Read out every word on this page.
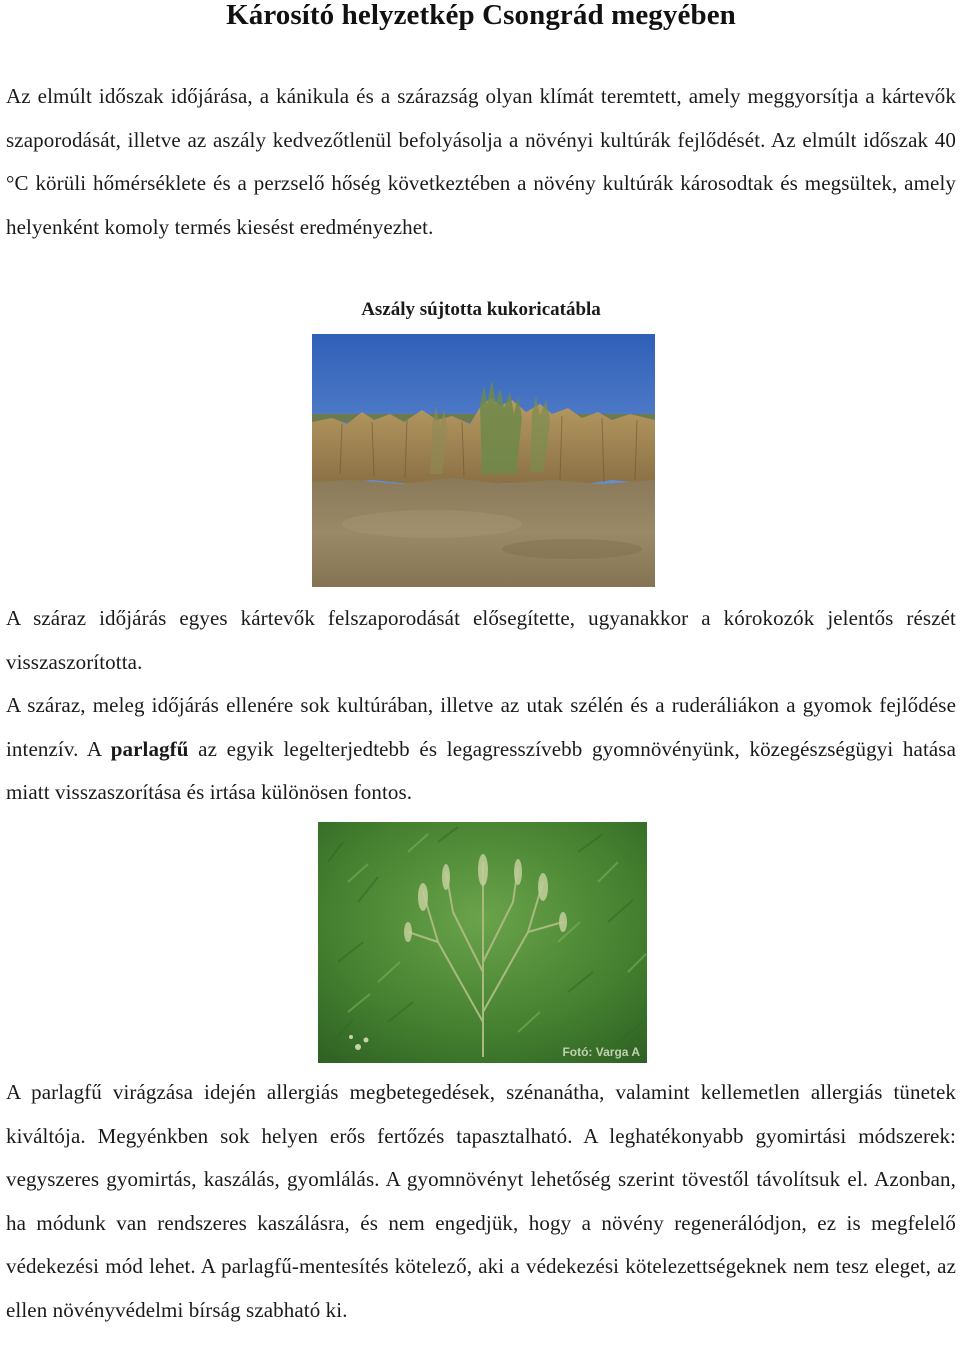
Károsító helyzetkép Csongrád megyében

Az elmúlt időszak időjárása, a kánikula és a szárazság olyan klímát teremtett, amely meggyorsítja a kártevők szaporodását, illetve az aszály kedvezőtlenül befolyásolja a növényi kultúrák fejlődését. Az elmúlt időszak 40 °C körüli hőmérséklete és a perzselő hőség következtében a növény kultúrák károsodtak és megsültek, amely helyenként komoly termés kiesést eredményezhet.

Aszály sújtotta kukoricatábla

A száraz időjárás egyes kártevők felszaporodását elősegítette, ugyanakkor a kórokozók jelentős részét visszaszorította.

A száraz, meleg időjárás ellenére sok kultúrában, illetve az utak szélén és a ruderáliákon a gyomok fejlődése intenzív. A parlagfű az egyik legelterjedtebb és legagresszívebb gyomnövényünk, közegészségügyi hatása miatt visszaszorítása és irtása különösen fontos.

Fotó: Varga A

A parlagfű virágzása idején allergiás megbetegedések, szénanátha, valamint kellemetlen allergiás tünetek kiváltója. Megyénkben sok helyen erős fertőzés tapasztalható. A leghatékonyabb gyomirtási módszerek: vegyszeres gyomirtás, kaszálás, gyomlálás. A gyomnövényt lehetőség szerint tövestől távolítsuk el. Azonban, ha módunk van rendszeres kaszálásra, és nem engedjük, hogy a növény regenerálódjon, ez is megfelelő védekezési mód lehet. A parlagfű-mentesítés kötelező, aki a védekezési kötelezettségeknek nem tesz eleget, az ellen növényvédelmi bírság szabható ki.
